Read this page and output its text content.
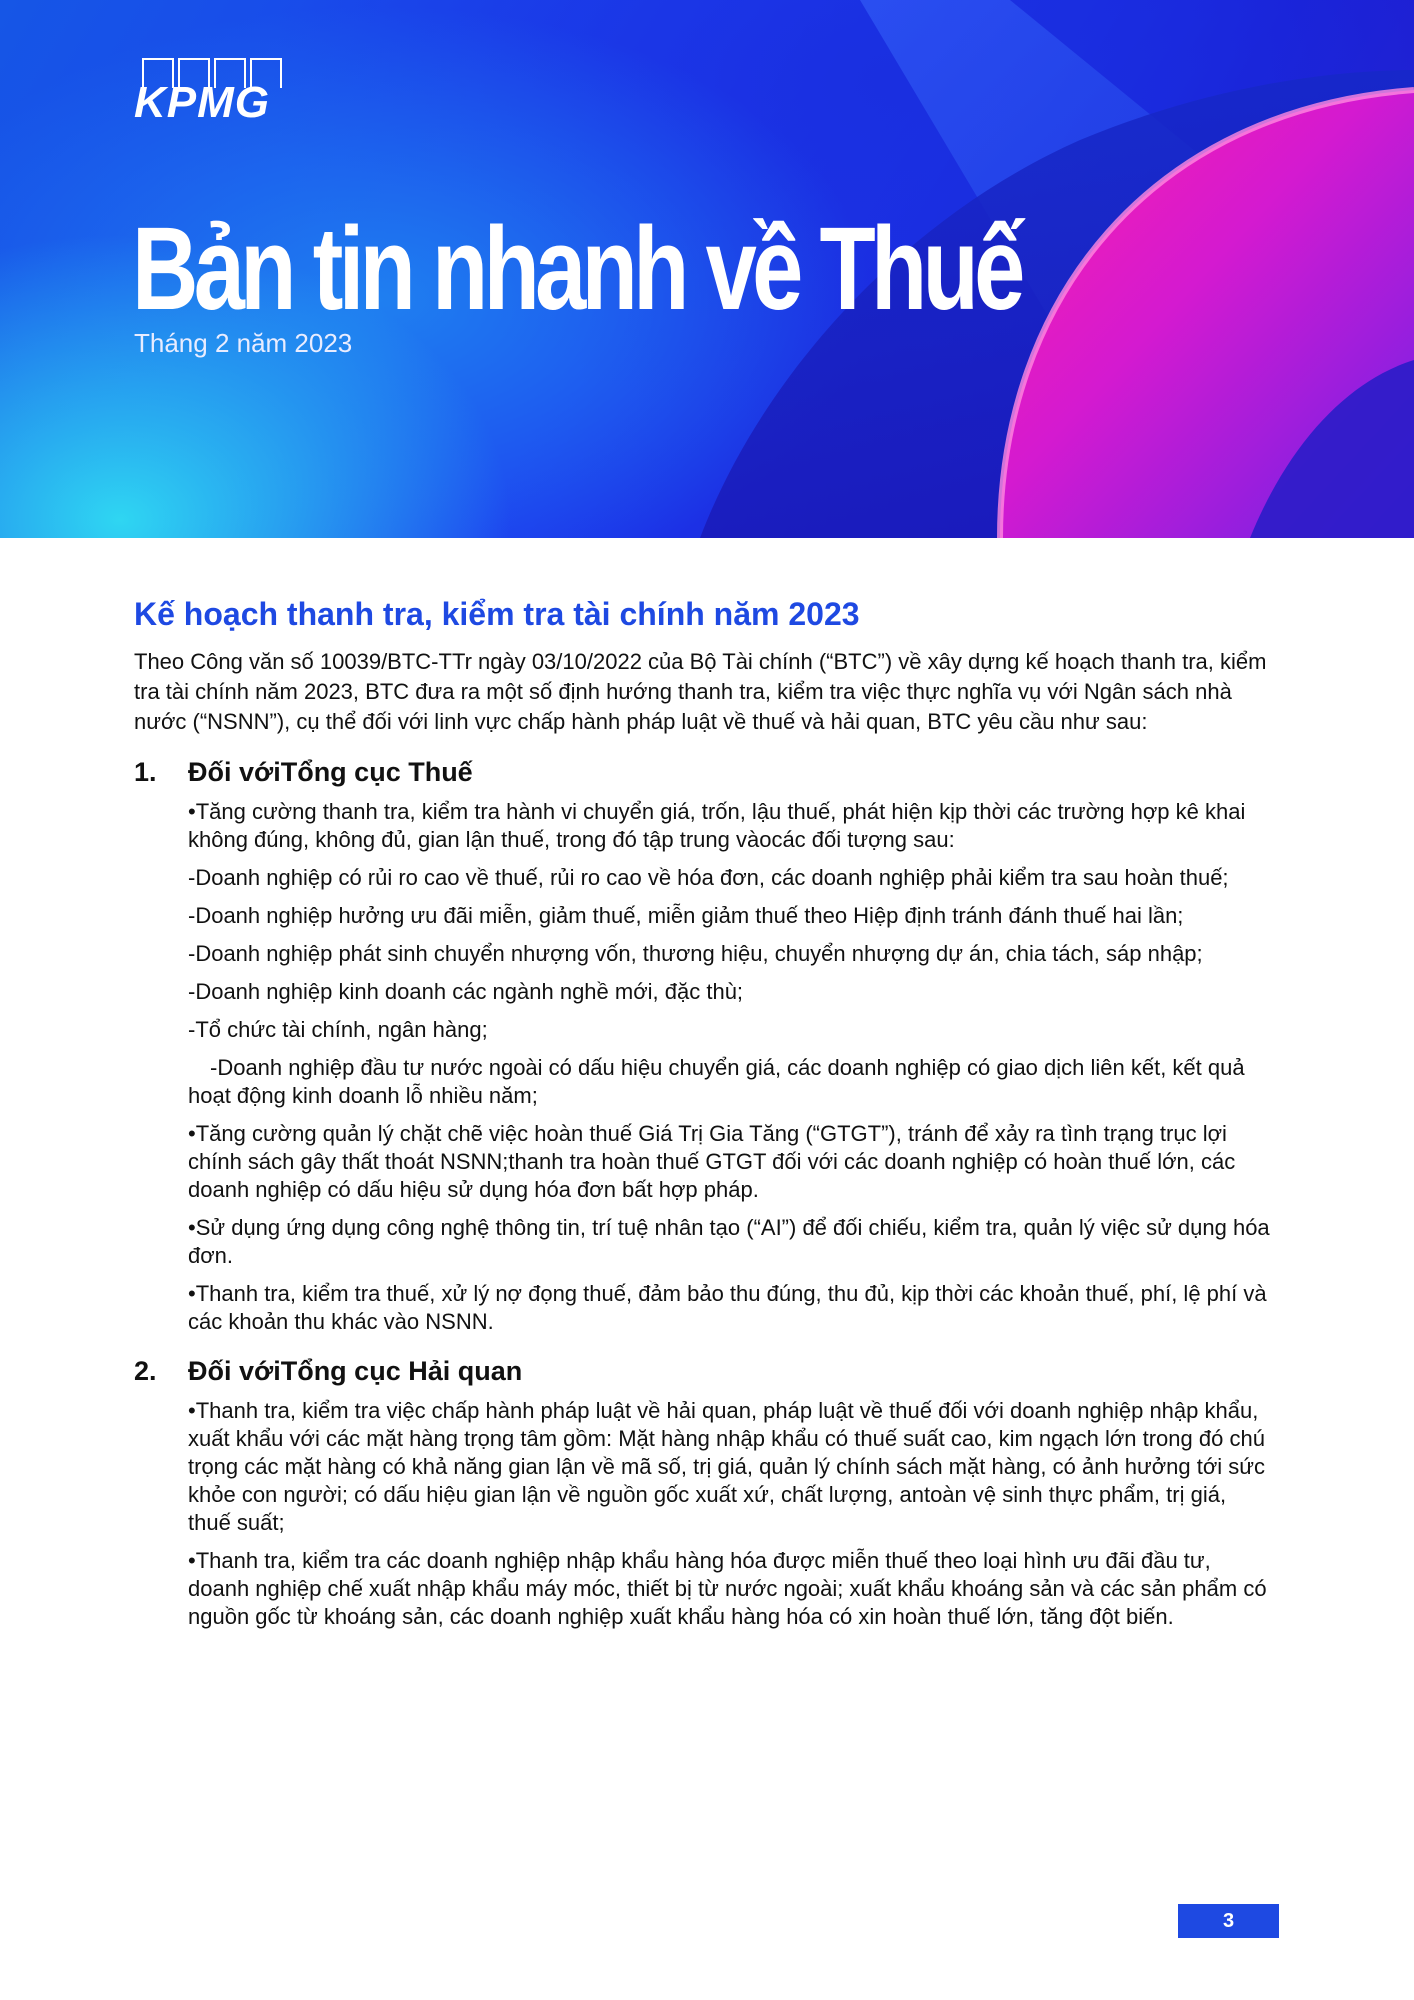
KPMG
Bản tin nhanh về Thuế
Tháng 2 năm 2023
Kế hoạch thanh tra, kiểm tra tài chính năm 2023

Theo Công văn số 10039/BTC-TTr ngày 03/10/2022 của Bộ Tài chính (“BTC”) về xây dựng kế hoạch thanh tra, kiểm tra tài chính năm 2023, BTC đưa ra một số định hướng thanh tra, kiểm tra việc thực nghĩa vụ với Ngân sách nhà nước (“NSNN”), cụ thể đối với linh vực chấp hành pháp luật về thuế và hải quan, BTC yêu cầu như sau:

1.	Đối vớiTổng cục Thuế

•Tăng cường thanh tra, kiểm tra hành vi chuyển giá, trốn, lậu thuế, phát hiện kịp thời các trường hợp kê khai không đúng, không đủ, gian lận thuế, trong đó tập trung vàocác đối tượng sau:

-Doanh nghiệp có rủi ro cao về thuế, rủi ro cao về hóa đơn, các doanh nghiệp phải kiểm tra sau hoàn thuế;

-Doanh nghiệp hưởng ưu đãi miễn, giảm thuế, miễn giảm thuế theo Hiệp định tránh đánh thuế hai lần;

-Doanh nghiệp phát sinh chuyển nhượng vốn, thương hiệu, chuyển nhượng dự án, chia tách, sáp nhập;

-Doanh nghiệp kinh doanh các ngành nghề mới, đặc thù;

-Tổ chức tài chính, ngân hàng;

-Doanh nghiệp đầu tư nước ngoài có dấu hiệu chuyển giá, các doanh nghiệp có giao dịch liên kết, kết quả hoạt động kinh doanh lỗ nhiều năm;

•Tăng cường quản lý chặt chẽ việc hoàn thuế Giá Trị Gia Tăng (“GTGT”), tránh để xảy ra tình trạng trục lợi chính sách gây thất thoát NSNN;thanh tra hoàn thuế GTGT đối với các doanh nghiệp có hoàn thuế lớn, các doanh nghiệp có dấu hiệu sử dụng hóa đơn bất hợp pháp.

•Sử dụng ứng dụng công nghệ thông tin, trí tuệ nhân tạo (“AI”) để đối chiếu, kiểm tra, quản lý việc sử dụng hóa đơn.

•Thanh tra, kiểm tra thuế, xử lý nợ đọng thuế, đảm bảo thu đúng, thu đủ, kịp thời các khoản thuế, phí, lệ phí và các khoản thu khác vào NSNN.

2.	Đối vớiTổng cục Hải quan

•Thanh tra, kiểm tra việc chấp hành pháp luật về hải quan, pháp luật về thuế đối với doanh nghiệp nhập khẩu, xuất khẩu với các mặt hàng trọng tâm gồm: Mặt hàng nhập khẩu có thuế suất cao, kim ngạch lớn trong đó chú trọng các mặt hàng có khả năng gian lận về mã số, trị giá, quản lý chính sách mặt hàng, có ảnh hưởng tới sức khỏe con người; có dấu hiệu gian lận về nguồn gốc xuất xứ, chất lượng, antoàn vệ sinh thực phẩm, trị giá, thuế suất;

•Thanh tra, kiểm tra các doanh nghiệp nhập khẩu hàng hóa được miễn thuế theo loại hình ưu đãi đầu tư, doanh nghiệp chế xuất nhập khẩu máy móc, thiết bị từ nước ngoài; xuất khẩu khoáng sản và các sản phẩm có nguồn gốc từ khoáng sản, các doanh nghiệp xuất khẩu hàng hóa có xin hoàn thuế lớn, tăng đột biến.

3
